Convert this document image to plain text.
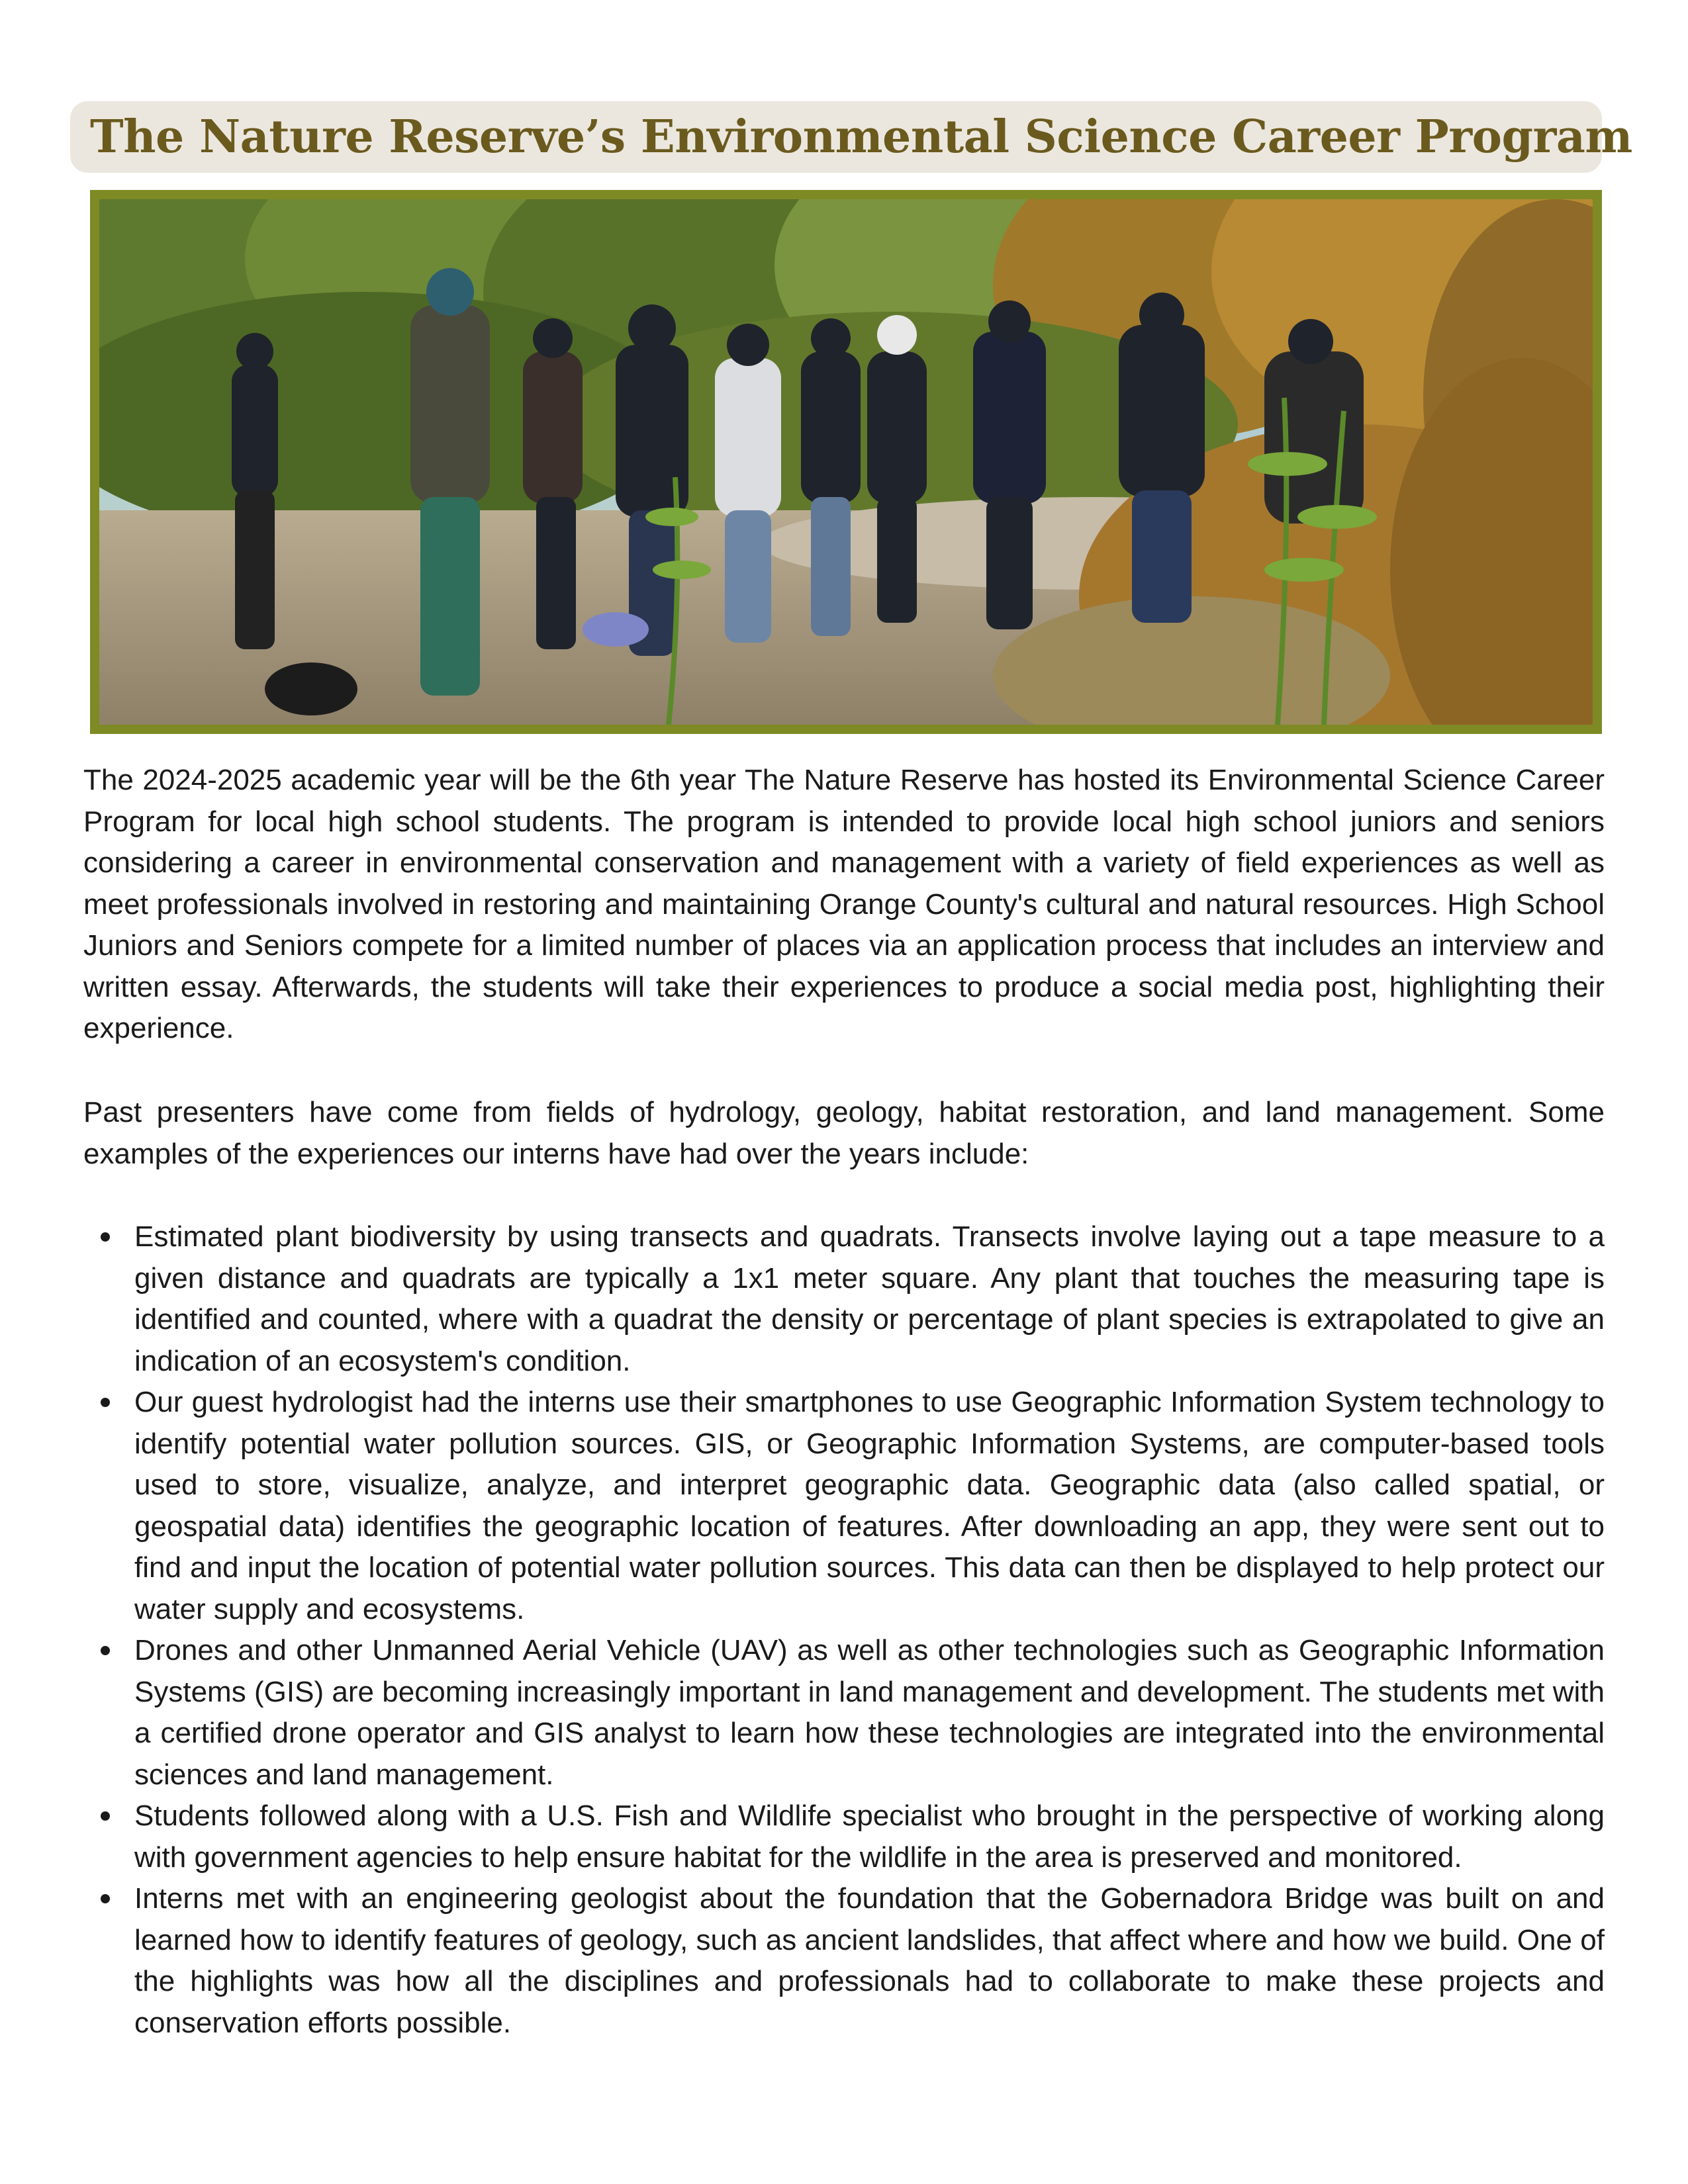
The Nature Reserve’s Environmental Science Career Program

The 2024-2025 academic year will be the 6th year The Nature Reserve has hosted its Environmental Science Career Program for local high school students. The program is intended to provide local high school juniors and seniors considering a career in environmental conservation and management with a variety of field experiences as well as meet professionals involved in restoring and maintaining Orange County's cultural and natural resources. High School Juniors and Seniors compete for a limited number of places via an application process that includes an interview and written essay. Afterwards, the students will take their experiences to produce a social media post, highlighting their experience.

Past presenters have come from fields of hydrology, geology, habitat restoration, and land management. Some examples of the experiences our interns have had over the years include:

Estimated plant biodiversity by using transects and quadrats. Transects involve laying out a tape measure to a given distance and quadrats are typically a 1x1 meter square. Any plant that touches the measuring tape is identified and counted, where with a quadrat the density or percentage of plant species is extrapolated to give an indication of an ecosystem's condition.
Our guest hydrologist had the interns use their smartphones to use Geographic Information System technology to identify potential water pollution sources. GIS, or Geographic Information Systems, are computer-based tools used to store, visualize, analyze, and interpret geographic data. Geographic data (also called spatial, or geospatial data) identifies the geographic location of features. After downloading an app, they were sent out to find and input the location of potential water pollution sources. This data can then be displayed to help protect our water supply and ecosystems.
Drones and other Unmanned Aerial Vehicle (UAV) as well as other technologies such as Geographic Information Systems (GIS) are becoming increasingly important in land management and development. The students met with a certified drone operator and GIS analyst to learn how these technologies are integrated into the environmental sciences and land management.
Students followed along with a U.S. Fish and Wildlife specialist who brought in the perspective of working along with government agencies to help ensure habitat for the wildlife in the area is preserved and monitored.
Interns met with an engineering geologist about the foundation that the Gobernadora Bridge was built on and learned how to identify features of geology, such as ancient landslides, that affect where and how we build. One of the highlights was how all the disciplines and professionals had to collaborate to make these projects and conservation efforts possible.
